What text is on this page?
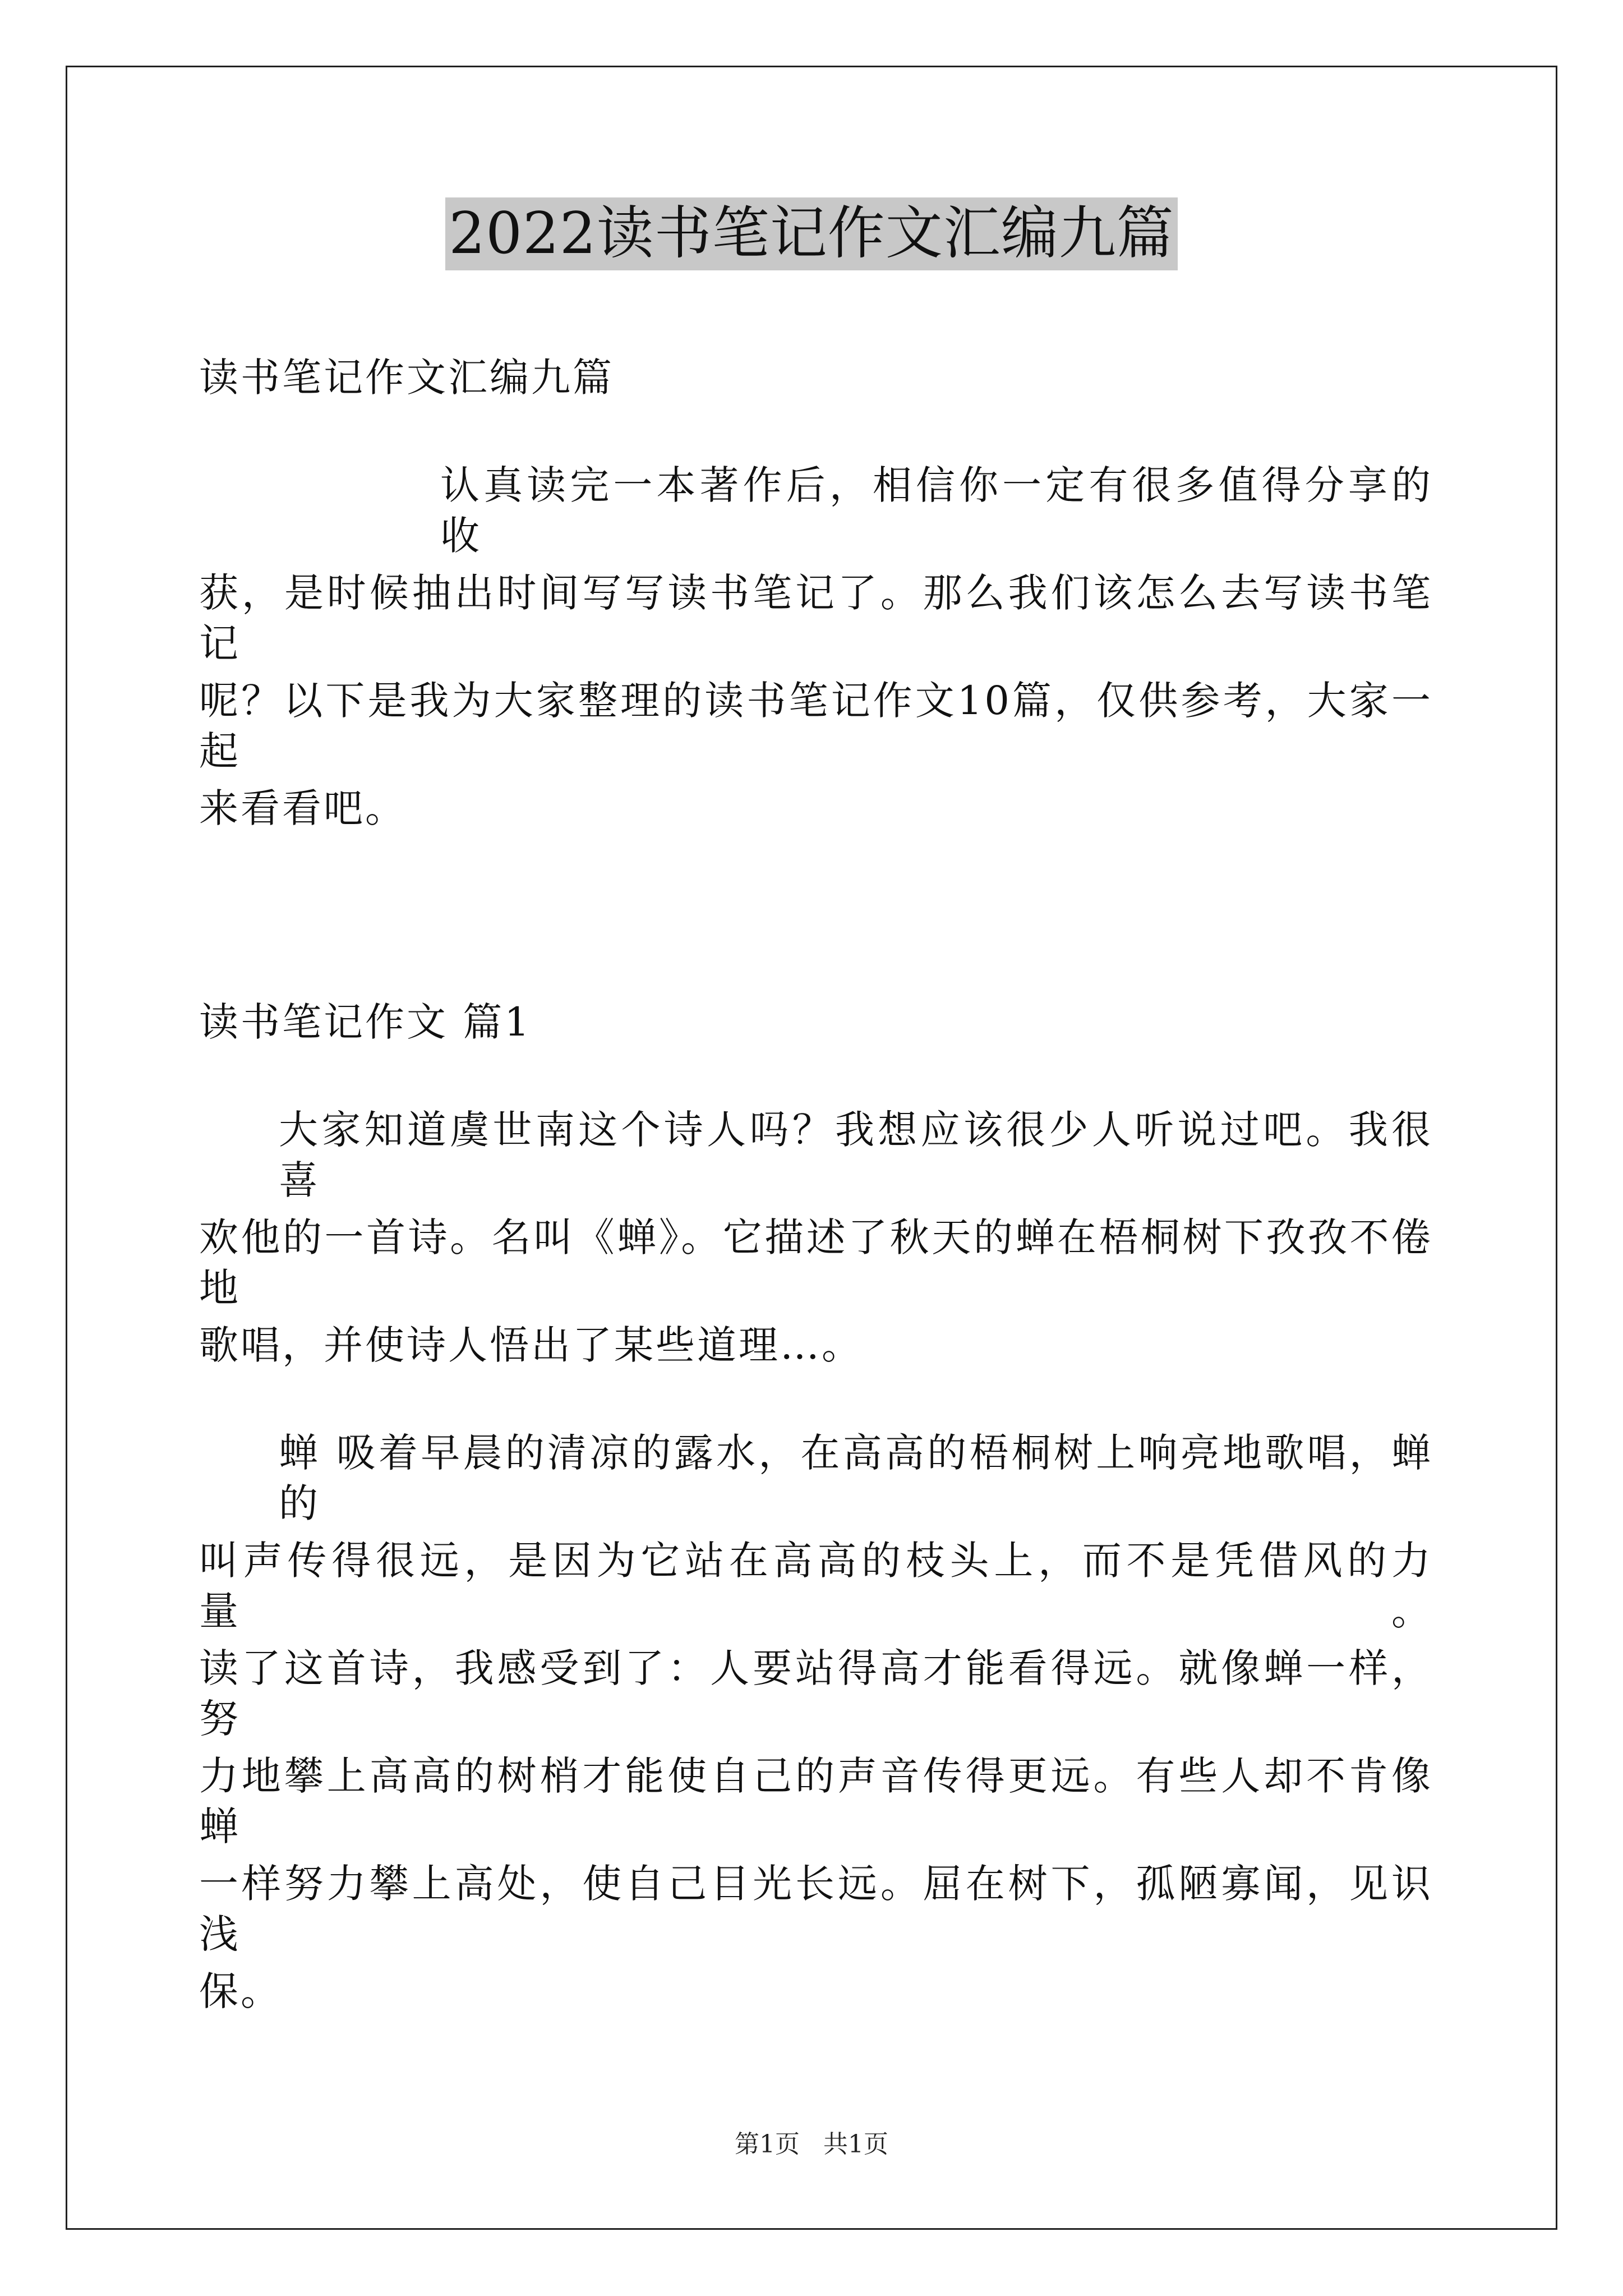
2022读书笔记作文汇编九篇
读书笔记作文汇编九篇
认真读完一本著作后，相信你一定有很多值得分享的收
获，是时候抽出时间写写读书笔记了。那么我们该怎么去写读书笔记
呢？以下是我为大家整理的读书笔记作文10篇，仅供参考，大家一起
来看看吧。
读书笔记作文 篇1
大家知道虞世南这个诗人吗？我想应该很少人听说过吧。我很喜
欢他的一首诗。名叫《蝉》。它描述了秋天的蝉在梧桐树下孜孜不倦地
歌唱，并使诗人悟出了某些道理…。
蝉 吸着早晨的清凉的露水，在高高的梧桐树上响亮地歌唱，蝉的
叫声传得很远，是因为它站在高高的枝头上，而不是凭借风的力量。
读了这首诗，我感受到了：人要站得高才能看得远。就像蝉一样，努
力地攀上高高的树梢才能使自己的声音传得更远。有些人却不肯像蝉
一样努力攀上高处，使自己目光长远。屈在树下，孤陋寡闻，见识浅
保。
第1页 共1页
